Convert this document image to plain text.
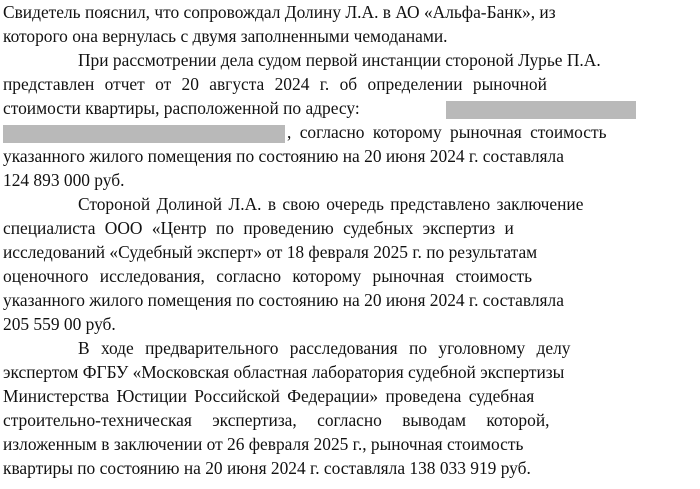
Свидетель пояснил, что сопровождал Долину Л.А. в АО «Альфа-Банк», из
которого она вернулась с двумя заполненными чемоданами.
При рассмотрении дела судом первой инстанции стороной Лурье П.А.
представлен отчет от 20 августа 2024 г. об определении рыночной
стоимости квартиры, расположенной по адресу:
, согласно которому рыночная стоимость
указанного жилого помещения по состоянию на 20 июня 2024 г. составляла
124 893 000 руб.
Стороной Долиной Л.А. в свою очередь представлено заключение
специалиста ООО «Центр по проведению судебных экспертиз и
исследований «Судебный эксперт» от 18 февраля 2025 г. по результатам
оценочного исследования, согласно которому рыночная стоимость
указанного жилого помещения по состоянию на 20 июня 2024 г. составляла
205 559 00 руб.
В ходе предварительного расследования по уголовному делу
экспертом ФГБУ «Московская областная лаборатория судебной экспертизы
Министерства Юстиции Российской Федерации» проведена судебная
строительно-техническая экспертиза, согласно выводам которой,
изложенным в заключении от 26 февраля 2025 г., рыночная стоимость
квартиры по состоянию на 20 июня 2024 г. составляла 138 033 919 руб.
